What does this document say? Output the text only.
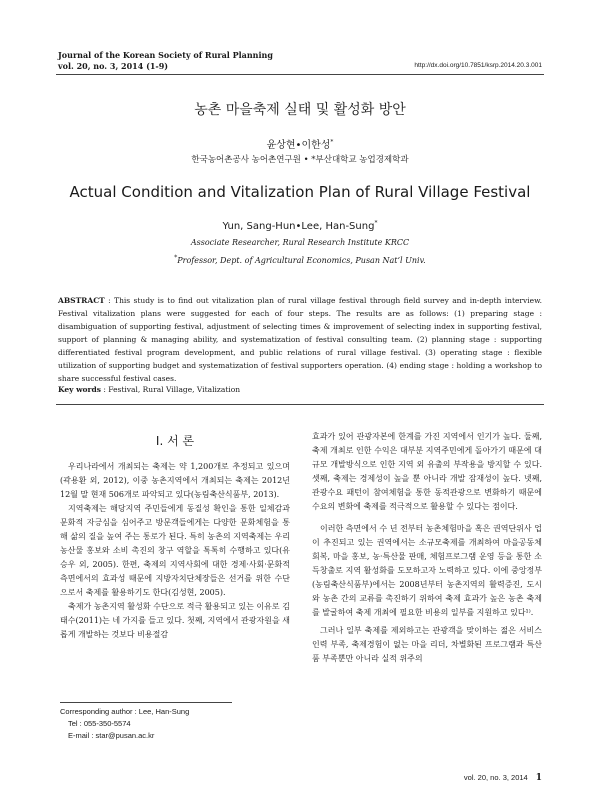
Journal of the Korean Society of Rural Planning
vol. 20, no. 3, 2014 (1-9)	http://dx.doi.org/10.7851/ksrp.2014.20.3.001
농촌 마을축제 실태 및 활성화 방안
윤상현•이한성*
한국농어촌공사 농어촌연구원 • *부산대학교 농업경제학과
Actual Condition and Vitalization Plan of Rural Village Festival
Yun, Sang-Hun•Lee, Han-Sung*
Associate Researcher, Rural Research Institute KRCC
*Professor, Dept. of Agricultural Economics, Pusan Nat’l Univ.
ABSTRACT : This study is to find out vitalization plan of rural village festival through field survey and in-depth interview. Festival vitalization plans were suggested for each of four steps. The results are as follows: (1) preparing stage : disambiguation of supporting festival, adjustment of selecting times & improvement of selecting index in supporting festival, support of planning & managing ability, and systematization of festival consulting team. (2) planning stage : supporting differentiated festival program development, and public relations of rural village festival. (3) operating stage : flexible utilization of supporting budget and systematization of festival supporters operation. (4) ending stage : holding a workshop to share successful festival cases.
Key words : Festival, Rural Village, Vitalization
Ⅰ. 서 론

우리나라에서 개최되는 축제는 약 1,200개로 추정되고 있으며(곽용환 외, 2012), 이중 농촌지역에서 개최되는 축제는 2012년 12월 말 현재 506개로 파악되고 있다(농림축산식품부, 2013).

지역축제는 해당지역 주민들에게 동질성 확인을 통한 일체감과 문화적 자긍심을 심어주고 방문객들에게는 다양한 문화체험을 통해 삶의 질을 높여 주는 통로가 된다. 특히 농촌의 지역축제는 우리 농산물 홍보와 소비 촉진의 창구 역할을 톡톡히 수행하고 있다(유승우 외, 2005). 한편, 축제의 지역사회에 대한 경제·사회·문화적 측면에서의 효과성 때문에 지방자치단체장들은 선거를 위한 수단으로서 축제를 활용하기도 한다(김성현, 2005).

축제가 농촌지역 활성화 수단으로 적극 활용되고 있는 이유로 김태수(2011)는 네 가지를 들고 있다. 첫째, 지역에서 관광자원을 새롭게 개발하는 것보다 비용절감

효과가 있어 관광자본에 한계를 가진 지역에서 인기가 높다. 둘째, 축제 개최로 인한 수익은 대부분 지역주민에게 돌아가기 때문에 대규모 개발방식으로 인한 지역 외 유출의 부작용을 방지할 수 있다. 셋째, 축제는 경제성이 높을 뿐 아니라 개발 잠재성이 높다. 넷째, 관광수요 패턴이 참여체험을 통한 동적관광으로 변화하기 때문에 수요의 변화에 축제를 적극적으로 활용할 수 있다는 점이다.

이러한 측면에서 수 년 전부터 농촌체험마을 혹은 권역단위사 업이 추진되고 있는 권역에서는 소규모축제를 개최하여 마을공동체 회복, 마을 홍보, 농·특산물 판매, 체험프로그램 운영 등을 통한 소득창출로 지역 활성화를 도모하고자 노력하고 있다. 이에 중앙정부(농림축산식품부)에서는 2008년부터 농촌지역의 활력증진, 도시와 농촌 간의 교류를 촉진하기 위하여 축제 효과가 높은 농촌 축제를 발굴하여 축제 개최에 필요한 비용의 일부를 지원하고 있다¹⁾.

그러나 일부 축제를 제외하고는 관광객을 맞이하는 젊은 서비스 인력 부족, 축제경험이 없는 마을 리더, 차별화된 프로그램과 특산품 부족뿐만 아니라 실적 위주의

Corresponding author : Lee, Han-Sung
Tel : 055-350-5574
E-mail : star@pusan.ac.kr
vol. 20, no. 3, 2014 1
